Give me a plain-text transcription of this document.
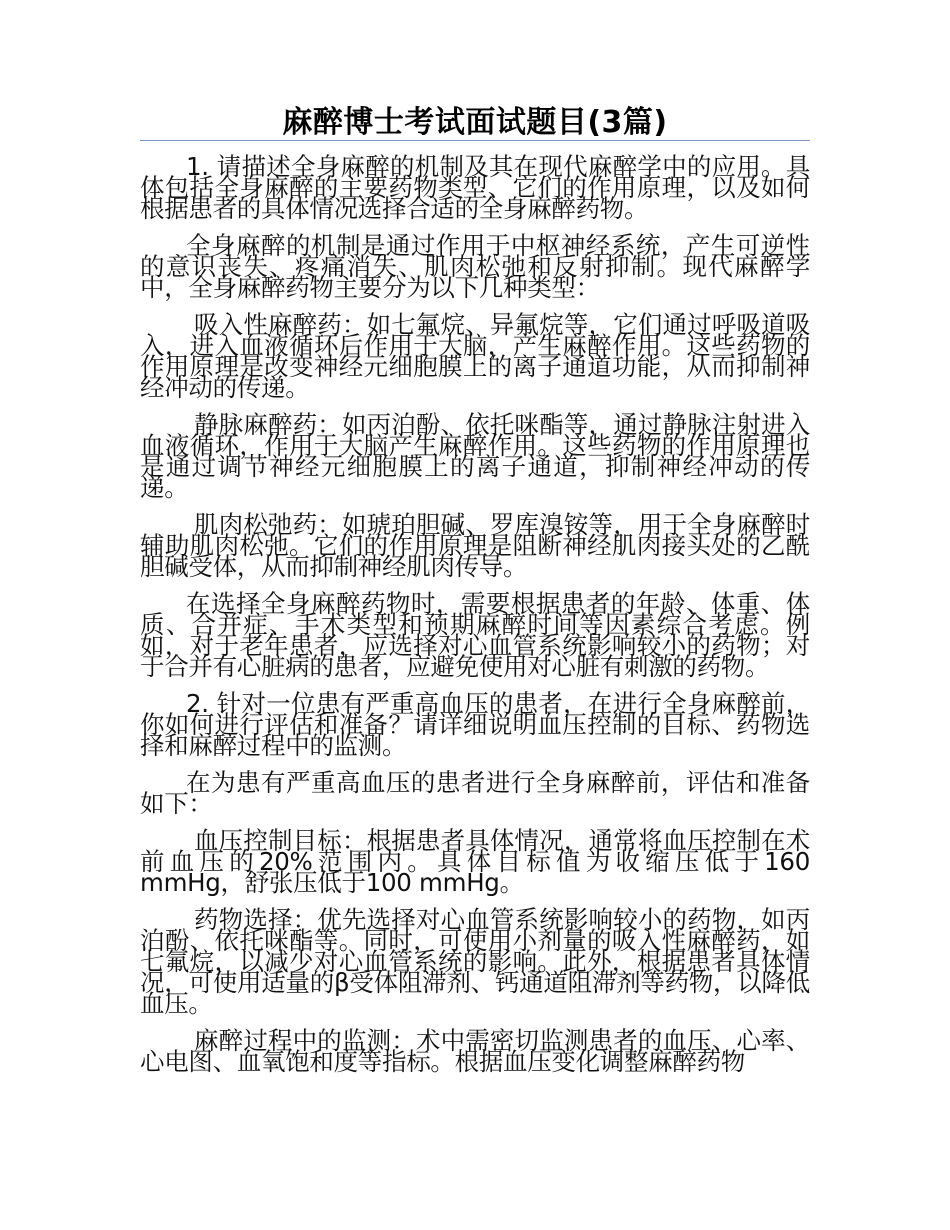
麻醉博士考试面试题目(3篇)

1. 请描述全身麻醉的机制及其在现代麻醉学中的应用。具体包括全身麻醉的主要药物类型、它们的作用原理，以及如何根据患者的具体情况选择合适的全身麻醉药物。

全身麻醉的机制是通过作用于中枢神经系统，产生可逆性的意识丧失、疼痛消失、肌肉松弛和反射抑制。现代麻醉学中，全身麻醉药物主要分为以下几种类型：

吸入性麻醉药：如七氟烷、异氟烷等，它们通过呼吸道吸入，进入血液循环后作用于大脑，产生麻醉作用。这些药物的作用原理是改变神经元细胞膜上的离子通道功能，从而抑制神经冲动的传递。

静脉麻醉药：如丙泊酚、依托咪酯等，通过静脉注射进入血液循环，作用于大脑产生麻醉作用。这些药物的作用原理也是通过调节神经元细胞膜上的离子通道，抑制神经冲动的传递。

肌肉松弛药：如琥珀胆碱、罗库溴铵等，用于全身麻醉时辅助肌肉松弛。它们的作用原理是阻断神经肌肉接头处的乙酰胆碱受体，从而抑制神经肌肉传导。

在选择全身麻醉药物时，需要根据患者的年龄、体重、体质、合并症、手术类型和预期麻醉时间等因素综合考虑。例如，对于老年患者，应选择对心血管系统影响较小的药物；对于合并有心脏病的患者，应避免使用对心脏有刺激的药物。

2. 针对一位患有严重高血压的患者，在进行全身麻醉前，你如何进行评估和准备？请详细说明血压控制的目标、药物选择和麻醉过程中的监测。

在为患有严重高血压的患者进行全身麻醉前，评估和准备如下：

血压控制目标：根据患者具体情况，通常将血压控制在术前血压的20%范围内。具体目标值为收缩压低于160 mmHg，舒张压低于100 mmHg。

药物选择：优先选择对心血管系统影响较小的药物，如丙泊酚、依托咪酯等。同时，可使用小剂量的吸入性麻醉药，如七氟烷，以减少对心血管系统的影响。此外，根据患者具体情况，可使用适量的β受体阻滞剂、钙通道阻滞剂等药物，以降低血压。

麻醉过程中的监测：术中需密切监测患者的血压、心率、心电图、血氧饱和度等指标。根据血压变化调整麻醉药物
